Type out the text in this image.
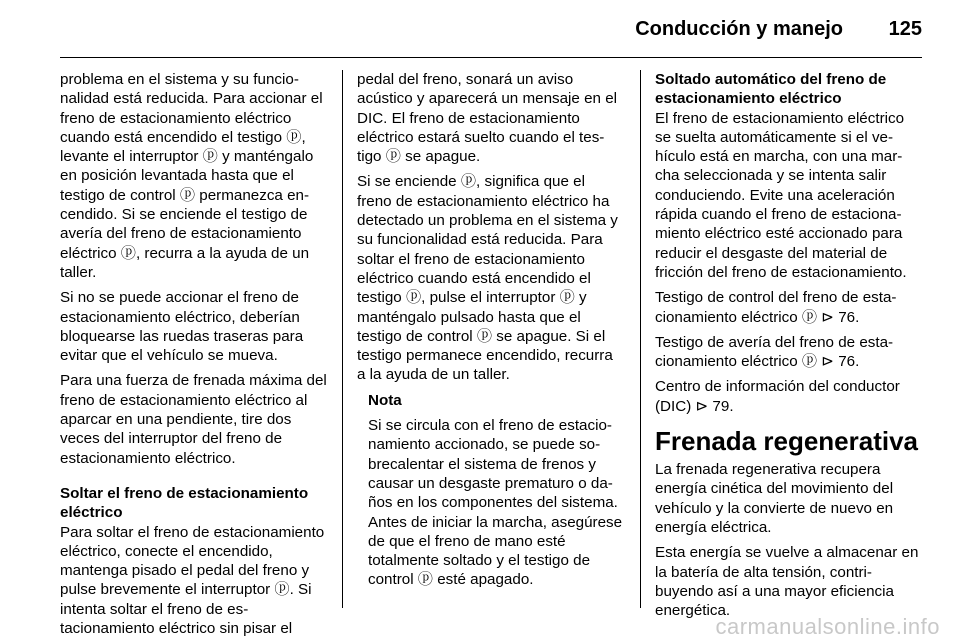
Conducción y manejo 125

problema en el sistema y su funcionalidad está reducida. Para accionar el freno de estacionamiento eléctrico cuando está encendido el testigo ⓟ, levante el interruptor ⓟ y manténgalo en posición levantada hasta que el testigo de control ⓟ permanezca encendido. Si se enciende el testigo de avería del freno de estacionamiento eléctrico ⓟ, recurra a la ayuda de un taller.

Si no se puede accionar el freno de estacionamiento eléctrico, deberían bloquearse las ruedas traseras para evitar que el vehículo se mueva.

Para una fuerza de frenada máxima del freno de estacionamiento eléctrico al aparcar en una pendiente, tire dos veces del interruptor del freno de estacionamiento eléctrico.

Soltar el freno de estacionamiento eléctrico

Para soltar el freno de estacionamiento eléctrico, conecte el encendido, mantenga pisado el pedal del freno y pulse brevemente el interruptor ⓟ. Si intenta soltar el freno de estacionamiento eléctrico sin pisar el

pedal del freno, sonará un aviso acústico y aparecerá un mensaje en el DIC. El freno de estacionamiento eléctrico estará suelto cuando el testigo ⓟ se apague.

Si se enciende ⓟ, significa que el freno de estacionamiento eléctrico ha detectado un problema en el sistema y su funcionalidad está reducida. Para soltar el freno de estacionamiento eléctrico cuando está encendido el testigo ⓟ, pulse el interruptor ⓟ y manténgalo pulsado hasta que el testigo de control ⓟ se apague. Si el testigo permanece encendido, recurra a la ayuda de un taller.

Nota

Si se circula con el freno de estacionamiento accionado, se puede sobrecalentar el sistema de frenos y causar un desgaste prematuro o daños en los componentes del sistema. Antes de iniciar la marcha, asegúrese de que el freno de mano esté totalmente soltado y el testigo de control ⓟ esté apagado.

Soltado automático del freno de estacionamiento eléctrico

El freno de estacionamiento eléctrico se suelta automáticamente si el vehículo está en marcha, con una marcha seleccionada y se intenta salir conduciendo. Evite una aceleración rápida cuando el freno de estacionamiento eléctrico esté accionado para reducir el desgaste del material de fricción del freno de estacionamiento.

Testigo de control del freno de estacionamiento eléctrico ⓟ ⊳ 76.

Testigo de avería del freno de estacionamiento eléctrico ⓟ ⊳ 76.

Centro de información del conductor (DIC) ⊳ 79.

Frenada regenerativa

La frenada regenerativa recupera energía cinética del movimiento del vehículo y la convierte de nuevo en energía eléctrica.

Esta energía se vuelve a almacenar en la batería de alta tensión, contribuyendo así a una mayor eficiencia energética.

carmanualsonline.info
